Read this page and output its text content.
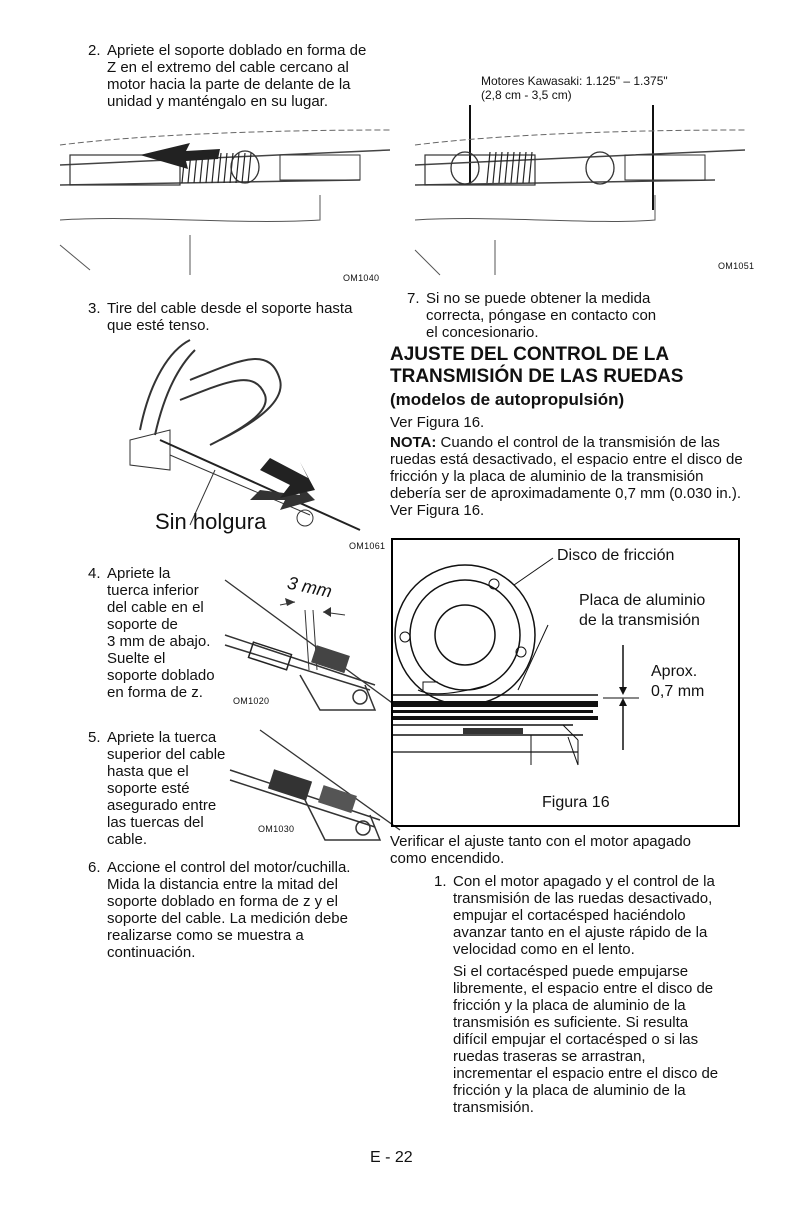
2. Apriete el soporte doblado en forma de
Z en el extremo del cable cercano al
motor hacia la parte de delante de la
unidad y manténgalo en su lugar.
OM1040
3. Tire del cable desde el soporte hasta
que esté tenso.
Sin holgura
OM1061
4. Apriete la
tuerca inferior
del cable en el
soporte de
3 mm de abajo.
Suelte el
soporte doblado
en forma de z.
3 mm
OM1020
5. Apriete la tuerca
superior del cable
hasta que el
soporte esté
asegurado entre
las tuercas del
cable.
OM1030
6. Accione el control del motor/cuchilla.
Mida la distancia entre la mitad del
soporte doblado en forma de z y el
soporte del cable. La medición debe
realizarse como se muestra a
continuación.
Motores Kawasaki: 1.125" – 1.375"
(2,8 cm - 3,5 cm)
OM1051
7. Si no se puede obtener la medida
correcta, póngase en contacto con
el concesionario.
AJUSTE DEL CONTROL DE LA
TRANSMISIÓN DE LAS RUEDAS
(modelos de autopropulsión)
Ver Figura 16.
NOTA: Cuando el control de la transmisión de las ruedas está desactivado, el espacio entre el disco de fricción y la placa de aluminio de la transmisión debería ser de aproximadamente 0,7 mm (0.030 in.). Ver Figura 16.
Disco de fricción
Placa de aluminio
de la transmisión
Aprox.
0,7 mm
Figura 16
Verificar el ajuste tanto con el motor apagado
como encendido.
1. Con el motor apagado y el control de la
transmisión de las ruedas desactivado,
empujar el cortacésped haciéndolo
avanzar tanto en el ajuste rápido de la
velocidad como en el lento.
Si el cortacésped puede empujarse
libremente, el espacio entre el disco de
fricción y la placa de aluminio de la
transmisión es suficiente. Si resulta
difícil empujar el cortacésped o si las
ruedas traseras se arrastran,
incrementar el espacio entre el disco de
fricción y la placa de aluminio de la
transmisión.
E - 22
